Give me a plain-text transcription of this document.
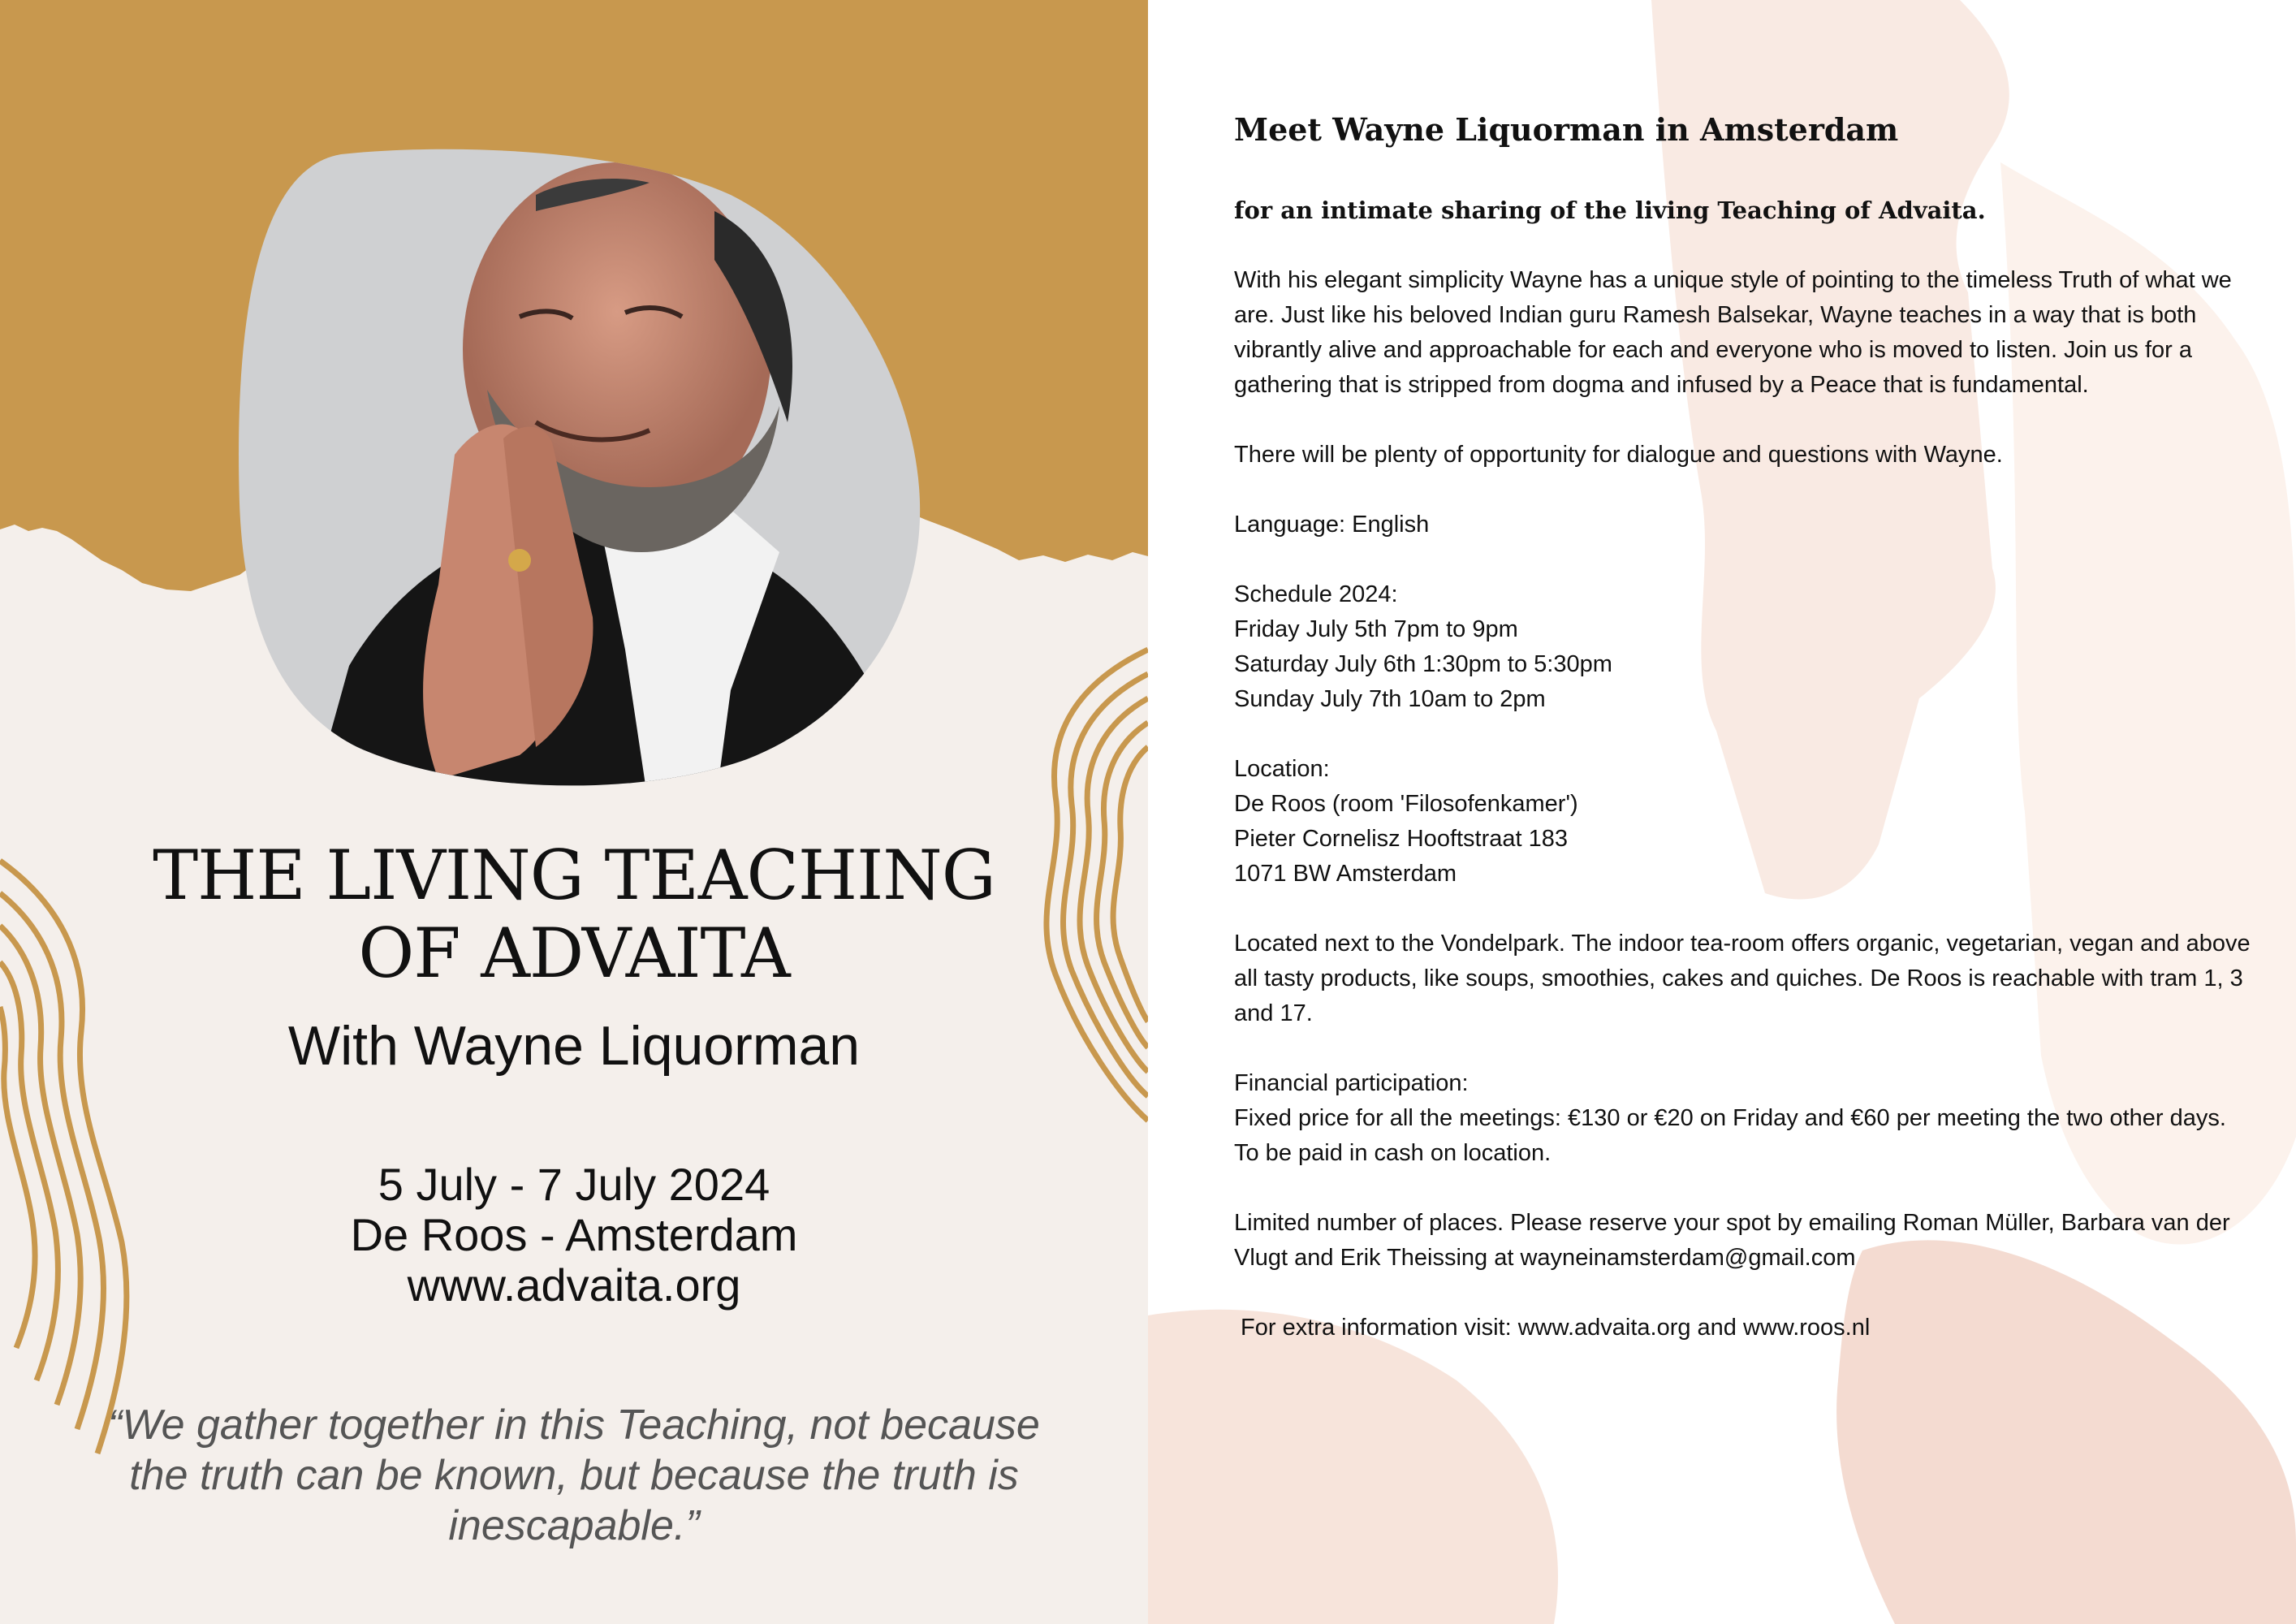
THE LIVING TEACHING
OF ADVAITA
With Wayne Liquorman
5 July - 7 July 2024
De Roos - Amsterdam
www.advaita.org
“We gather together in this Teaching, not because the truth can be known, but because the truth is inescapable.”
Meet Wayne Liquorman in Amsterdam
for an intimate sharing of the living Teaching of Advaita.
With his elegant simplicity Wayne has a unique style of pointing to the timeless Truth of what we are. Just like his beloved Indian guru Ramesh Balsekar, Wayne teaches in a way that is both vibrantly alive and approachable for each and everyone who is moved to listen. Join us for a gathering that is stripped from dogma and infused by a Peace that is fundamental.
There will be plenty of opportunity for dialogue and questions with Wayne.
Language: English
Schedule 2024:
Friday July 5th 7pm to 9pm
Saturday July 6th 1:30pm to 5:30pm
Sunday July 7th 10am to 2pm
Location:
De Roos (room 'Filosofenkamer')
Pieter Cornelisz Hooftstraat 183
1071 BW Amsterdam
Located next to the Vondelpark. The indoor tea-room offers organic, vegetarian, vegan and above all tasty products, like soups, smoothies, cakes and quiches. De Roos is reachable with tram 1, 3 and 17.
Financial participation:
Fixed price for all the meetings: €130 or €20 on Friday and €60 per meeting the two other days.
To be paid in cash on location.
Limited number of places. Please reserve your spot by emailing Roman Müller, Barbara van der Vlugt and Erik Theissing at wayneinamsterdam@gmail.com
For extra information visit: www.advaita.org and www.roos.nl
